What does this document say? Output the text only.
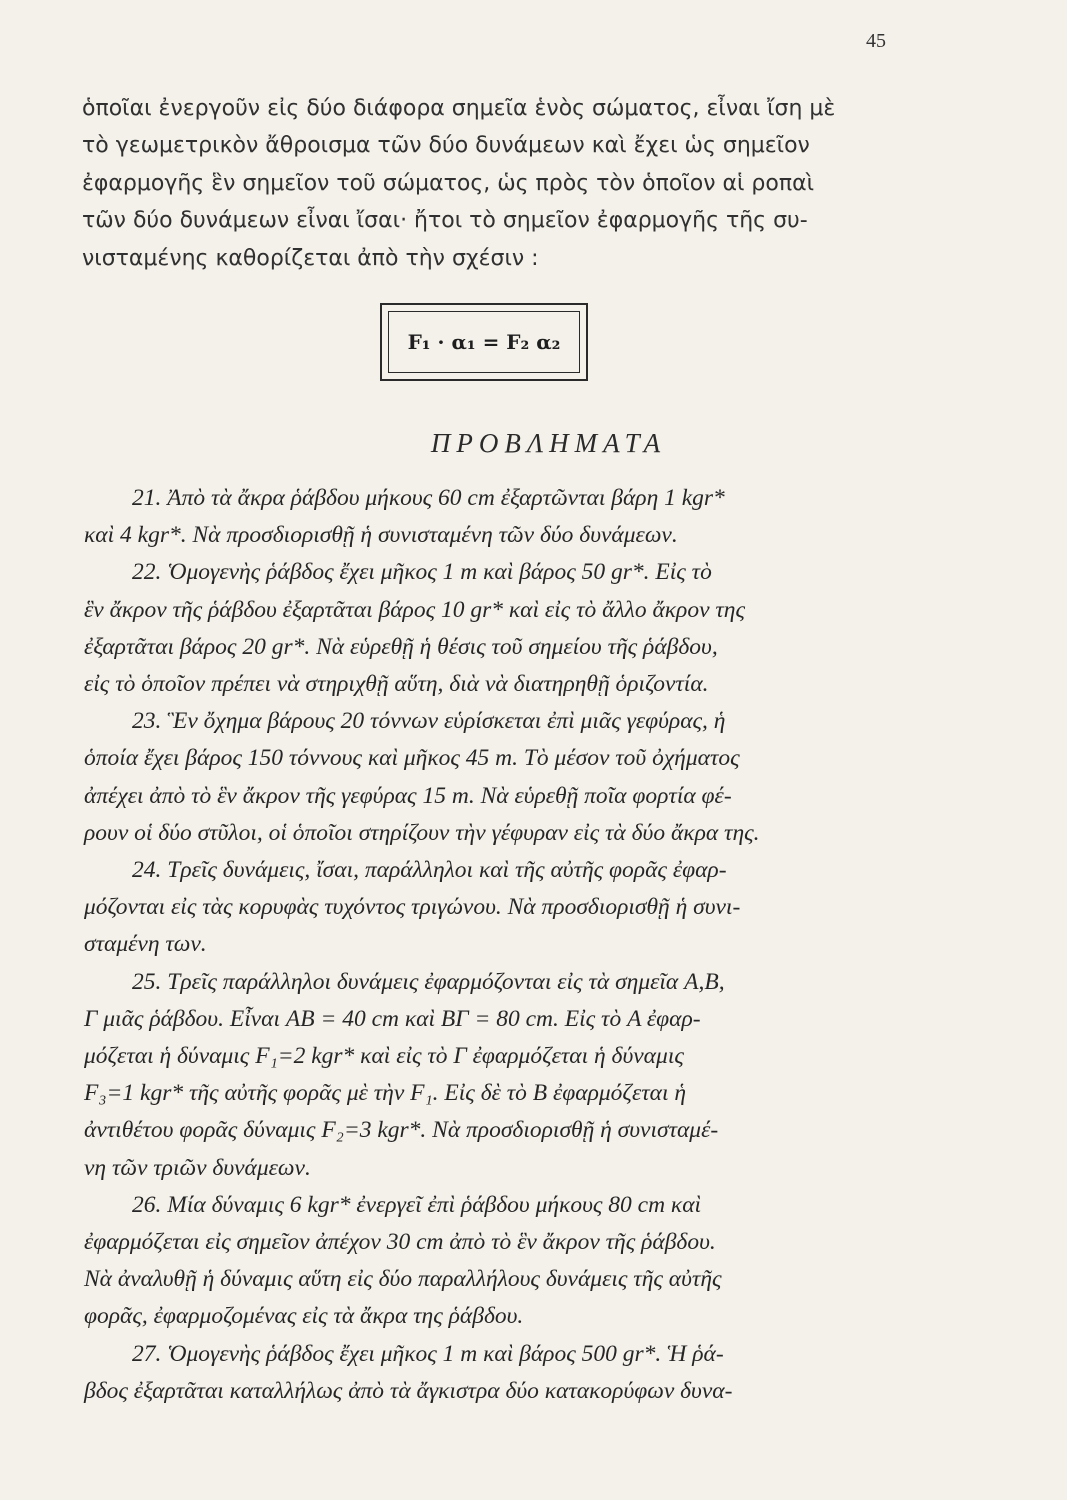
45
ὁποῖαι ἐνεργοῦν εἰς δύο διάφορα σημεῖα ἑνὸς σώματος, εἶναι ἴση μὲ
τὸ γεωμετρικὸν ἄθροισμα τῶν δύο δυνάμεων καὶ ἔχει ὡς σημεῖον
ἐφαρμογῆς ἓν σημεῖον τοῦ σώματος, ὡς πρὸς τὸν ὁποῖον αἱ ροπαὶ
τῶν δύο δυνάμεων εἶναι ἴσαι· ἤτοι τὸ σημεῖον ἐφαρμογῆς τῆς συ-
νισταμένης καθορίζεται ἀπὸ τὴν σχέσιν :
F₁ · α₁ = F₂ α₂
ΠΡΟΒΛΗΜΑΤΑ
21. Ἀπὸ τὰ ἄκρα ῥάβδου μήκους 60 cm ἐξαρτῶνται βάρη 1 kgr*
καὶ 4 kgr*. Νὰ προσδιορισθῇ ἡ συνισταμένη τῶν δύο δυνάμεων.
22. Ὁμογενὴς ῥάβδος ἔχει μῆκος 1 m καὶ βάρος 50 gr*. Εἰς τὸ
ἓν ἄκρον τῆς ῥάβδου ἐξαρτᾶται βάρος 10 gr* καὶ εἰς τὸ ἄλλο ἄκρον της
ἐξαρτᾶται βάρος 20 gr*. Νὰ εὑρεθῇ ἡ θέσις τοῦ σημείου τῆς ῥάβδου,
εἰς τὸ ὁποῖον πρέπει νὰ στηριχθῇ αὕτη, διὰ νὰ διατηρηθῇ ὁριζοντία.
23. Ἓν ὄχημα βάρους 20 τόννων εὑρίσκεται ἐπὶ μιᾶς γεφύρας, ἡ
ὁποία ἔχει βάρος 150 τόννους καὶ μῆκος 45 m. Τὸ μέσον τοῦ ὀχήματος
ἀπέχει ἀπὸ τὸ ἓν ἄκρον τῆς γεφύρας 15 m. Νὰ εὑρεθῇ ποῖα φορτία φέ-
ρουν οἱ δύο στῦλοι, οἱ ὁποῖοι στηρίζουν τὴν γέφυραν εἰς τὰ δύο ἄκρα της.
24. Τρεῖς δυνάμεις, ἴσαι, παράλληλοι καὶ τῆς αὐτῆς φορᾶς ἐφαρ-
μόζονται εἰς τὰς κορυφὰς τυχόντος τριγώνου. Νὰ προσδιορισθῇ ἡ συνι-
σταμένη των.
25. Τρεῖς παράλληλοι δυνάμεις ἐφαρμόζονται εἰς τὰ σημεῖα A,B,
Γ μιᾶς ῥάβδου. Εἶναι AB = 40 cm καὶ BΓ = 80 cm. Εἰς τὸ A ἐφαρ-
μόζεται ἡ δύναμις F₁=2 kgr* καὶ εἰς τὸ Γ ἐφαρμόζεται ἡ δύναμις
F₃=1 kgr* τῆς αὐτῆς φορᾶς μὲ τὴν F₁. Εἰς δὲ τὸ B ἐφαρμόζεται ἡ
ἀντιθέτου φορᾶς δύναμις F₂=3 kgr*. Νὰ προσδιορισθῇ ἡ συνισταμέ-
νη τῶν τριῶν δυνάμεων.
26. Μία δύναμις 6 kgr* ἐνεργεῖ ἐπὶ ῥάβδου μήκους 80 cm καὶ
ἐφαρμόζεται εἰς σημεῖον ἀπέχον 30 cm ἀπὸ τὸ ἓν ἄκρον τῆς ῥάβδου.
Νὰ ἀναλυθῇ ἡ δύναμις αὕτη εἰς δύο παραλλήλους δυνάμεις τῆς αὐτῆς
φορᾶς, ἐφαρμοζομένας εἰς τὰ ἄκρα της ῥάβδου.
27. Ὁμογενὴς ῥάβδος ἔχει μῆκος 1 m καὶ βάρος 500 gr*. Ἡ ῥά-
βδος ἐξαρτᾶται καταλλήλως ἀπὸ τὰ ἄγκιστρα δύο κατακορύφων δυνα-
